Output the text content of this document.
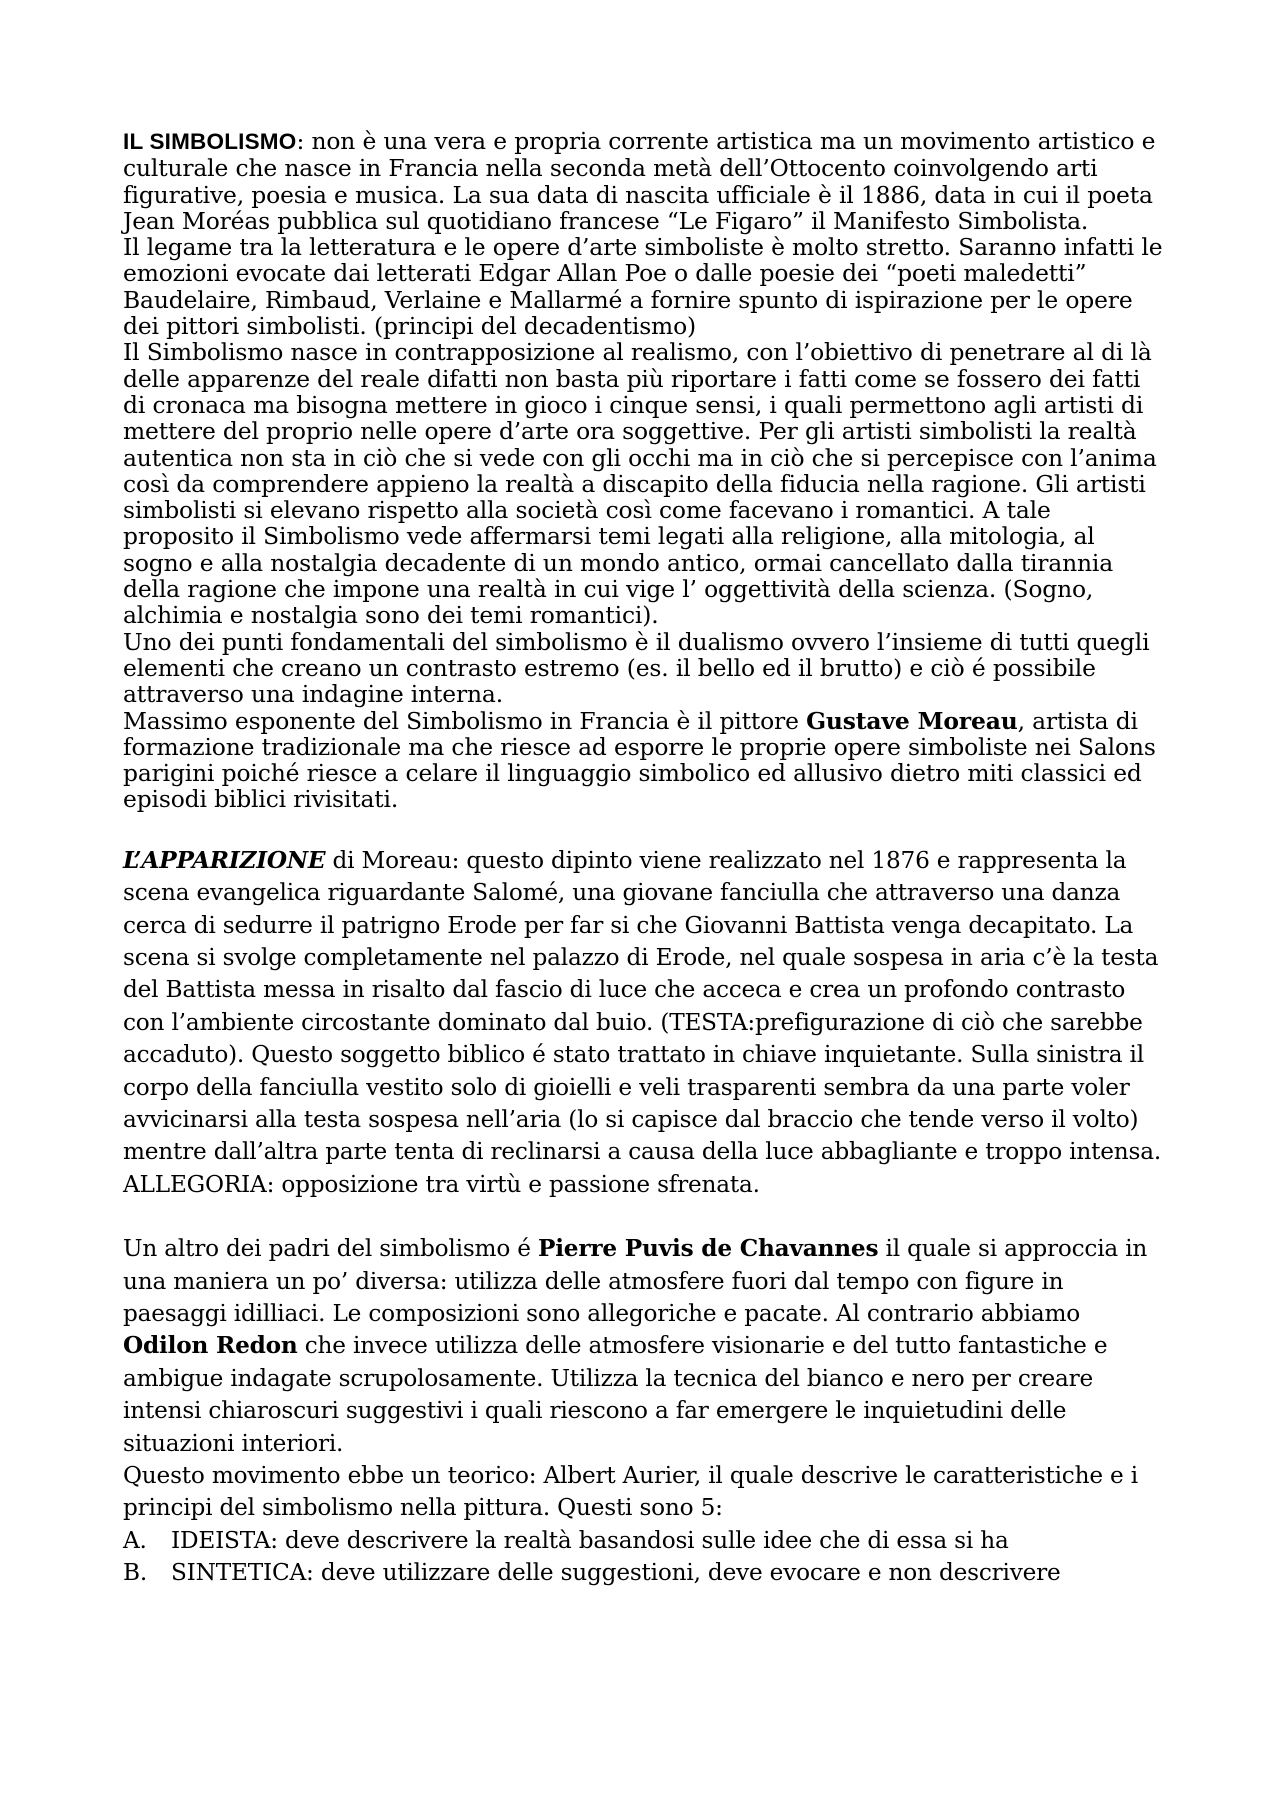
IL SIMBOLISMO: non è una vera e propria corrente artistica ma un movimento artistico e culturale che nasce in Francia nella seconda metà dell’Ottocento coinvolgendo arti figurative, poesia e musica. La sua data di nascita ufficiale è il 1886, data in cui il poeta Jean Moréas pubblica sul quotidiano francese “Le Figaro” il Manifesto Simbolista.

Il legame tra la letteratura e le opere d’arte simboliste è molto stretto. Saranno infatti le emozioni evocate dai letterati Edgar Allan Poe o dalle poesie dei “poeti maledetti” Baudelaire, Rimbaud, Verlaine e Mallarmé a fornire spunto di ispirazione per le opere dei pittori simbolisti. (principi del decadentismo)

Il Simbolismo nasce in contrapposizione al realismo, con l’obiettivo di penetrare al di là delle apparenze del reale difatti non basta più riportare i fatti come se fossero dei fatti di cronaca ma bisogna mettere in gioco i cinque sensi, i quali permettono agli artisti di mettere del proprio nelle opere d’arte ora soggettive. Per gli artisti simbolisti la realtà autentica non sta in ciò che si vede con gli occhi ma in ciò che si percepisce con l’anima così da comprendere appieno la realtà a discapito della fiducia nella ragione. Gli artisti simbolisti si elevano rispetto alla società così come facevano i romantici. A tale proposito il Simbolismo vede affermarsi temi legati alla religione, alla mitologia, al sogno e alla nostalgia decadente di un mondo antico, ormai cancellato dalla tirannia della ragione che impone una realtà in cui vige l’ oggettività della scienza. (Sogno, alchimia e nostalgia sono dei temi romantici).

Uno dei punti fondamentali del simbolismo è il dualismo ovvero l’insieme di tutti quegli elementi che creano un contrasto estremo (es. il bello ed il brutto) e ciò é possibile attraverso una indagine interna.

Massimo esponente del Simbolismo in Francia è il pittore Gustave Moreau, artista di formazione tradizionale ma che riesce ad esporre le proprie opere simboliste nei Salons parigini poiché riesce a celare il linguaggio simbolico ed allusivo dietro miti classici ed episodi biblici rivisitati.

L’APPARIZIONE di Moreau: questo dipinto viene realizzato nel 1876 e rappresenta la scena evangelica riguardante Salomé, una giovane fanciulla che attraverso una danza cerca di sedurre il patrigno Erode per far si che Giovanni Battista venga decapitato. La scena si svolge completamente nel palazzo di Erode, nel quale sospesa in aria c’è la testa del Battista messa in risalto dal fascio di luce che acceca e crea un profondo contrasto con l’ambiente circostante dominato dal buio. (TESTA:prefigurazione di ciò che sarebbe accaduto). Questo soggetto biblico é stato trattato in chiave inquietante. Sulla sinistra il corpo della fanciulla vestito solo di gioielli e veli trasparenti sembra da una parte voler avvicinarsi alla testa sospesa nell’aria (lo si capisce dal braccio che tende verso il volto) mentre dall’altra parte tenta di reclinarsi a causa della luce abbagliante e troppo intensa. ALLEGORIA: opposizione tra virtù e passione sfrenata.

Un altro dei padri del simbolismo é Pierre Puvis de Chavannes il quale si approccia in una maniera un po’ diversa: utilizza delle atmosfere fuori dal tempo con figure in paesaggi idilliaci. Le composizioni sono allegoriche e pacate. Al contrario abbiamo Odilon Redon che invece utilizza delle atmosfere visionarie e del tutto fantastiche e ambigue indagate scrupolosamente. Utilizza la tecnica del bianco e nero per creare intensi chiaroscuri suggestivi i quali riescono a far emergere le inquietudini delle situazioni interiori.

Questo movimento ebbe un teorico: Albert Aurier, il quale descrive le caratteristiche e i principi del simbolismo nella pittura. Questi sono 5:

A.	IDEISTA: deve descrivere la realtà basandosi sulle idee che di essa si ha
B.	SINTETICA: deve utilizzare delle suggestioni, deve evocare e non descrivere
